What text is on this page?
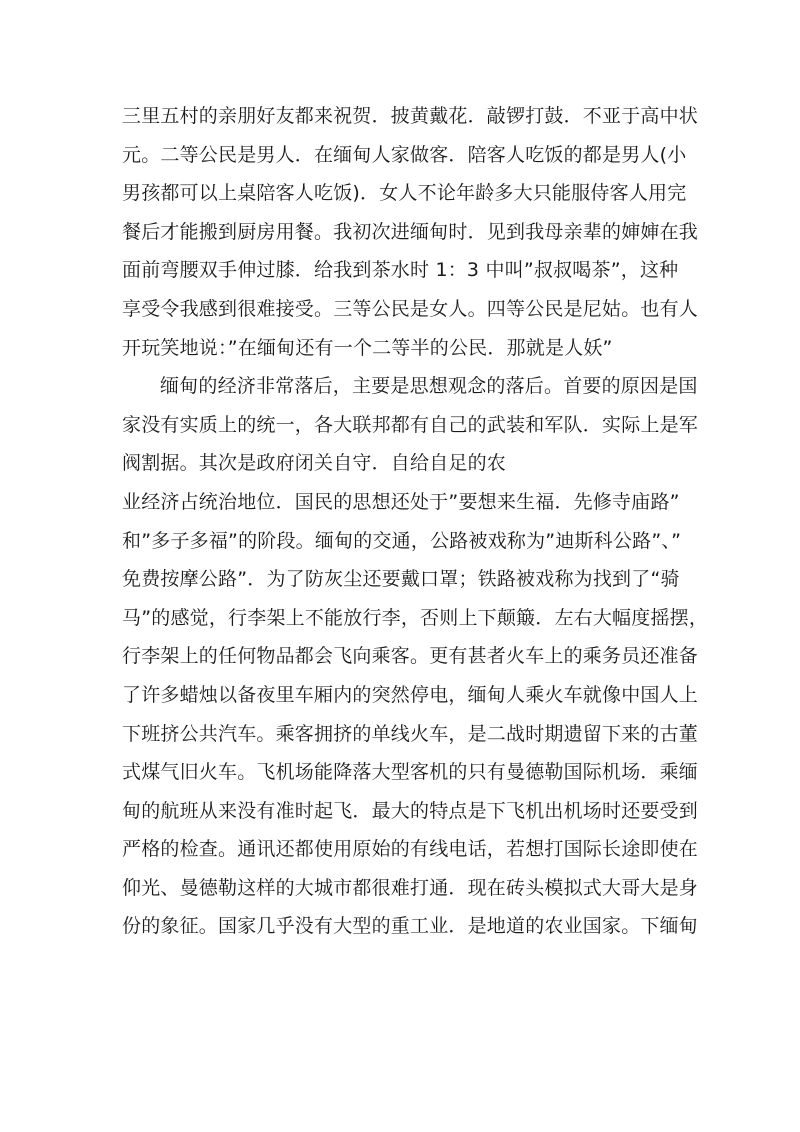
三里五村的亲朋好友都来祝贺．披黄戴花．敲锣打鼓．不亚于高中状
元。二等公民是男人．在缅甸人家做客．陪客人吃饭的都是男人(小
男孩都可以上桌陪客人吃饭)．女人不论年龄多大只能服侍客人用完
餐后才能搬到厨房用餐。我初次进缅甸时．见到我母亲辈的婶婶在我
面前弯腰双手伸过膝．给我到茶水时 1：3 中叫”叔叔喝茶”，这种
享受令我感到很难接受。三等公民是女人。四等公民是尼姑。也有人
开玩笑地说：”在缅甸还有一个二等半的公民．那就是人妖”
缅甸的经济非常落后，主要是思想观念的落后。首要的原因是国
家没有实质上的统一，各大联邦都有自己的武装和军队．实际上是军
阀割据。其次是政府闭关自守．自给自足的农
业经济占统治地位．国民的思想还处于”要想来生福．先修寺庙路”
和”多子多福”的阶段。缅甸的交通，公路被戏称为”迪斯科公路”、”
免费按摩公路”．为了防灰尘还要戴口罩；铁路被戏称为找到了“骑
马”的感觉，行李架上不能放行李，否则上下颠簸．左右大幅度摇摆，
行李架上的任何物品都会飞向乘客。更有甚者火车上的乘务员还准备
了许多蜡烛以备夜里车厢内的突然停电，缅甸人乘火车就像中国人上
下班挤公共汽车。乘客拥挤的单线火车，是二战时期遗留下来的古董
式煤气旧火车。飞机场能降落大型客机的只有曼德勒国际机场．乘缅
甸的航班从来没有准时起飞．最大的特点是下飞机出机场时还要受到
严格的检查。通讯还都使用原始的有线电话，若想打国际长途即使在
仰光、曼德勒这样的大城市都很难打通．现在砖头模拟式大哥大是身
份的象征。国家几乎没有大型的重工业．是地道的农业国家。下缅甸
